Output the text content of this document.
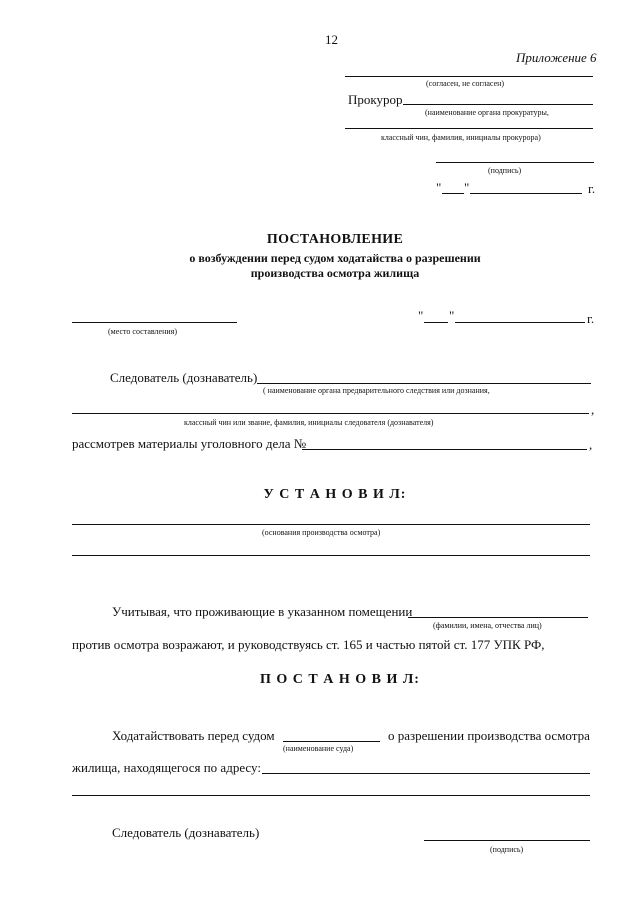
12
Приложение 6
(согласен, не согласен)
Прокурор
(наименование органа прокуратуры,
классный чин, фамилия, инициалы прокурора)
(подпись)
" "	г.
ПОСТАНОВЛЕНИЕ
о возбуждении перед судом ходатайства о разрешении
производства осмотра жилища
(место составления)
" "	г.
Следователь (дознаватель)
( наименование органа предварительного следствия или дознания,
,
классный чин или звание, фамилия, инициалы следователя (дознавателя)
рассмотрев материалы уголовного дела №	,
У С Т А Н О В И Л:
(основания производства осмотра)
Учитывая, что проживающие в указанном помещении
(фамилии, имена, отчества лиц)
против осмотра возражают, и руководствуясь ст. 165 и частью пятой ст. 177 УПК РФ,
П О С Т А Н О В И Л:
Ходатайствовать перед судом
(наименование суда)
о разрешении производства осмотра
жилища, находящегося по адресу:
Следователь (дознаватель)
(подпись)
